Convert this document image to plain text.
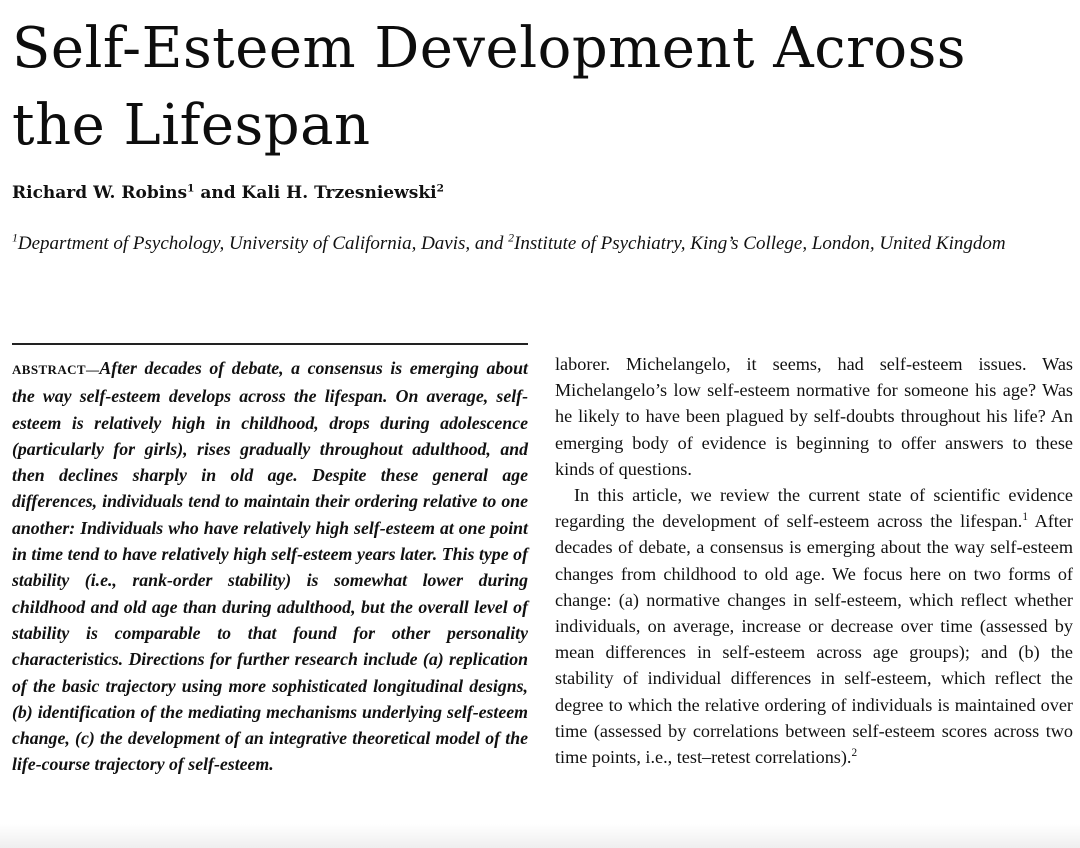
Self-Esteem Development Across the Lifespan
Richard W. Robins$^1$ and Kali H. Trzesniewski$^2$
$^1$Department of Psychology, University of California, Davis, and $^2$Institute of Psychiatry, King’s College, London, United Kingdom

ABSTRACT—After decades of debate, a consensus is emerging about the way self-esteem develops across the lifespan. On average, self-esteem is relatively high in childhood, drops during adolescence (particularly for girls), rises gradually throughout adulthood, and then declines sharply in old age. Despite these general age differences, individuals tend to maintain their ordering relative to one another: Individuals who have relatively high self-esteem at one point in time tend to have relatively high self-esteem years later. This type of stability (i.e., rank-order stability) is somewhat lower during childhood and old age than during adulthood, but the overall level of stability is comparable to that found for other personality characteristics. Directions for further research include (a) replication of the basic trajectory using more sophisticated longitudinal designs, (b) identification of the mediating mechanisms underlying self-esteem change, (c) the development of an integrative theoretical model of the life-course trajectory of self-esteem.

laborer. Michelangelo, it seems, had self-esteem issues. Was Michelangelo’s low self-esteem normative for someone his age? Was he likely to have been plagued by self-doubts throughout his life? An emerging body of evidence is beginning to offer answers to these kinds of questions.

In this article, we review the current state of scientific evidence regarding the development of self-esteem across the lifespan.$^1$ After decades of debate, a consensus is emerging about the way self-esteem changes from childhood to old age. We focus here on two forms of change: (a) normative changes in self-esteem, which reflect whether individuals, on average, increase or decrease over time (assessed by mean differences in self-esteem across age groups); and (b) the stability of individual differences in self-esteem, which reflect the degree to which the relative ordering of individuals is maintained over time (assessed by correlations between self-esteem scores across two time points, i.e., test–retest correlations).$^2$
